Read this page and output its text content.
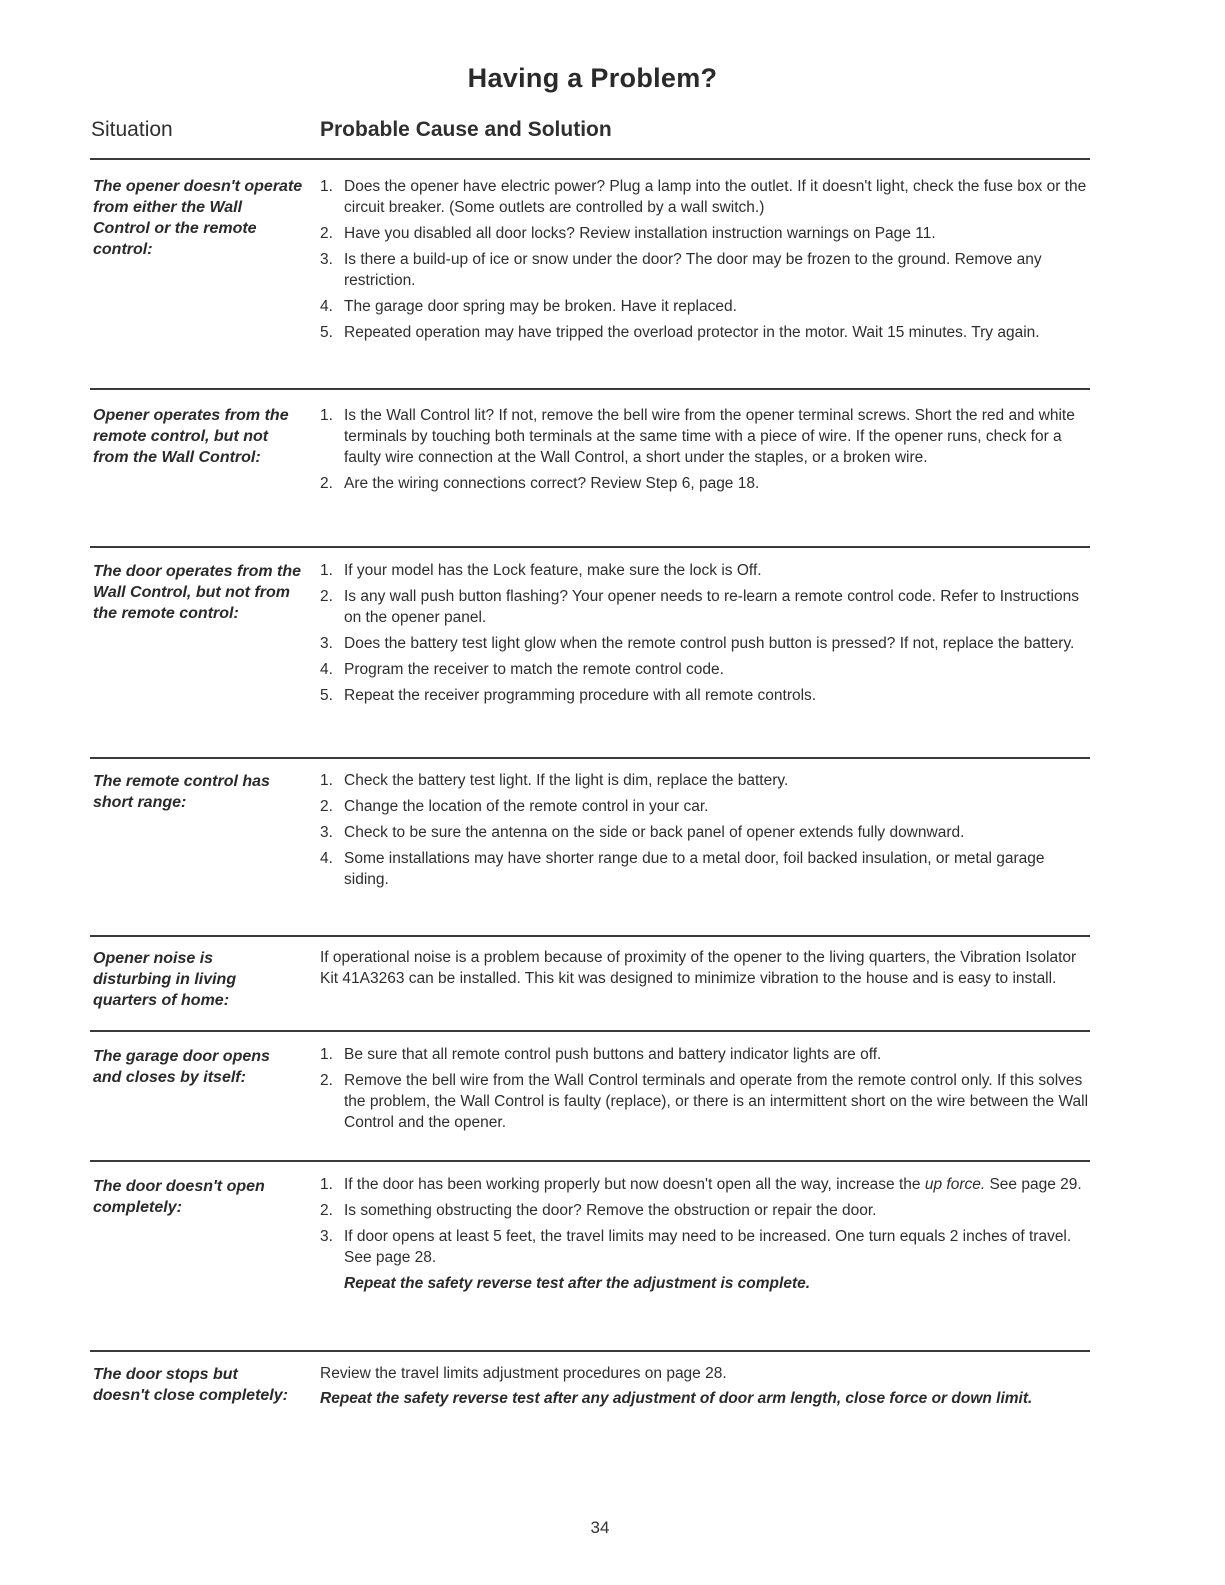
Having a Problem?
Situation	Probable Cause and Solution
The opener doesn't operate from either the Wall Control or the remote control:
1. Does the opener have electric power? Plug a lamp into the outlet. If it doesn't light, check the fuse box or the circuit breaker. (Some outlets are controlled by a wall switch.)
2. Have you disabled all door locks? Review installation instruction warnings on Page 11.
3. Is there a build-up of ice or snow under the door? The door may be frozen to the ground. Remove any restriction.
4. The garage door spring may be broken. Have it replaced.
5. Repeated operation may have tripped the overload protector in the motor. Wait 15 minutes. Try again.
Opener operates from the remote control, but not from the Wall Control:
1. Is the Wall Control lit? If not, remove the bell wire from the opener terminal screws. Short the red and white terminals by touching both terminals at the same time with a piece of wire. If the opener runs, check for a faulty wire connection at the Wall Control, a short under the staples, or a broken wire.
2. Are the wiring connections correct? Review Step 6, page 18.
The door operates from the Wall Control, but not from the remote control:
1. If your model has the Lock feature, make sure the lock is Off.
2. Is any wall push button flashing? Your opener needs to re-learn a remote control code. Refer to Instructions on the opener panel.
3. Does the battery test light glow when the remote control push button is pressed? If not, replace the battery.
4. Program the receiver to match the remote control code.
5. Repeat the receiver programming procedure with all remote controls.
The remote control has short range:
1. Check the battery test light. If the light is dim, replace the battery.
2. Change the location of the remote control in your car.
3. Check to be sure the antenna on the side or back panel of opener extends fully downward.
4. Some installations may have shorter range due to a metal door, foil backed insulation, or metal garage siding.
Opener noise is disturbing in living quarters of home:

If operational noise is a problem because of proximity of the opener to the living quarters, the Vibration Isolator Kit 41A3263 can be installed. This kit was designed to minimize vibration to the house and is easy to install.

The garage door opens and closes by itself:
1. Be sure that all remote control push buttons and battery indicator lights are off.
2. Remove the bell wire from the Wall Control terminals and operate from the remote control only. If this solves the problem, the Wall Control is faulty (replace), or there is an intermittent short on the wire between the Wall Control and the opener.
The door doesn't open completely:
1. If the door has been working properly but now doesn't open all the way, increase the up force. See page 29.
2. Is something obstructing the door? Remove the obstruction or repair the door.
3. If door opens at least 5 feet, the travel limits may need to be increased. One turn equals 2 inches of travel. See page 28.
Repeat the safety reverse test after the adjustment is complete.
The door stops but doesn't close completely:
Review the travel limits adjustment procedures on page 28.
Repeat the safety reverse test after any adjustment of door arm length, close force or down limit.
34
